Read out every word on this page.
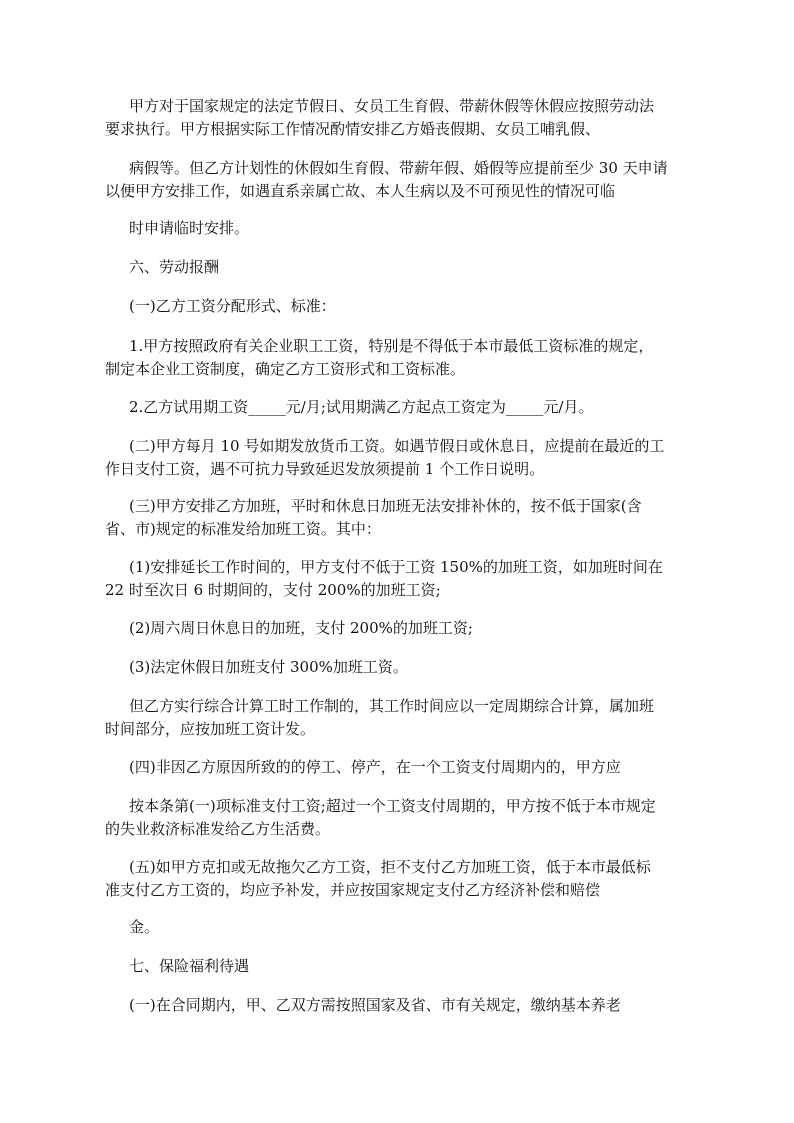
甲方对于国家规定的法定节假日、女员工生育假、带薪休假等休假应按照劳动法
要求执行。甲方根据实际工作情况酌情安排乙方婚丧假期、女员工哺乳假、
病假等。但乙方计划性的休假如生育假、带薪年假、婚假等应提前至少 30 天申请
以便甲方安排工作，如遇直系亲属亡故、本人生病以及不可预见性的情况可临
时申请临时安排。
六、劳动报酬
(一)乙方工资分配形式、标准：
1.甲方按照政府有关企业职工工资，特别是不得低于本市最低工资标准的规定，
制定本企业工资制度，确定乙方工资形式和工资标准。
2.乙方试用期工资_____元/月;试用期满乙方起点工资定为_____元/月。
(二)甲方每月 10 号如期发放货币工资。如遇节假日或休息日，应提前在最近的工
作日支付工资，遇不可抗力导致延迟发放须提前 1 个工作日说明。
(三)甲方安排乙方加班，平时和休息日加班无法安排补休的，按不低于国家(含
省、市)规定的标准发给加班工资。其中：
(1)安排延长工作时间的，甲方支付不低于工资 150%的加班工资，如加班时间在
22 时至次日 6 时期间的，支付 200%的加班工资;
(2)周六周日休息日的加班，支付 200%的加班工资;
(3)法定休假日加班支付 300%加班工资。
但乙方实行综合计算工时工作制的，其工作时间应以一定周期综合计算，属加班
时间部分，应按加班工资计发。
(四)非因乙方原因所致的的停工、停产，在一个工资支付周期内的，甲方应
按本条第(一)项标准支付工资;超过一个工资支付周期的，甲方按不低于本市规定
的失业救济标准发给乙方生活费。
(五)如甲方克扣或无故拖欠乙方工资，拒不支付乙方加班工资，低于本市最低标
准支付乙方工资的，均应予补发，并应按国家规定支付乙方经济补偿和赔偿
金。
七、保险福利待遇
(一)在合同期内，甲、乙双方需按照国家及省、市有关规定，缴纳基本养老
